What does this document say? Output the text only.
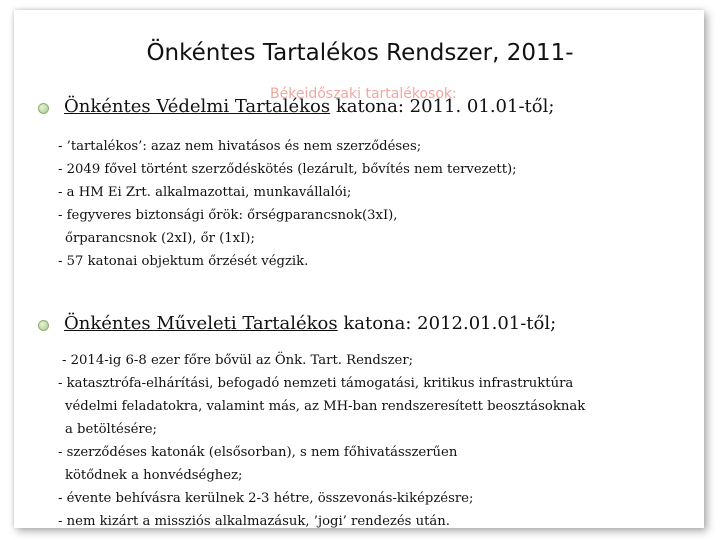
Önkéntes Tartalékos Rendszer, 2011-
Békeidőszaki tartalékosok:
Önkéntes Védelmi Tartalékos katona: 2011. 01.01-től;
- ’tartalékos’: azaz nem hivatásos és nem szerződéses;
- 2049 fővel történt szerződéskötés (lezárult, bővítés nem tervezett);
- a HM Ei Zrt. alkalmazottai, munkavállalói;
- fegyveres biztonsági őrök: őrségparancsnok(3xI),
őrparancsnok (2xI), őr (1xI);
- 57 katonai objektum őrzését végzik.
Önkéntes Műveleti Tartalékos katona: 2012.01.01-től;
- 2014-ig 6-8 ezer főre bővül az Önk. Tart. Rendszer;
- katasztrófa-elhárítási, befogadó nemzeti támogatási, kritikus infrastruktúra
védelmi feladatokra, valamint más, az MH-ban rendszeresített beosztásoknak
a betöltésére;
- szerződéses katonák (elsősorban), s nem főhivatásszerűen
kötődnek a honvédséghez;
- évente behívásra kerülnek 2-3 hétre, összevonás-kiképzésre;
- nem kizárt a missziós alkalmazásuk, ’jogi’ rendezés után.
